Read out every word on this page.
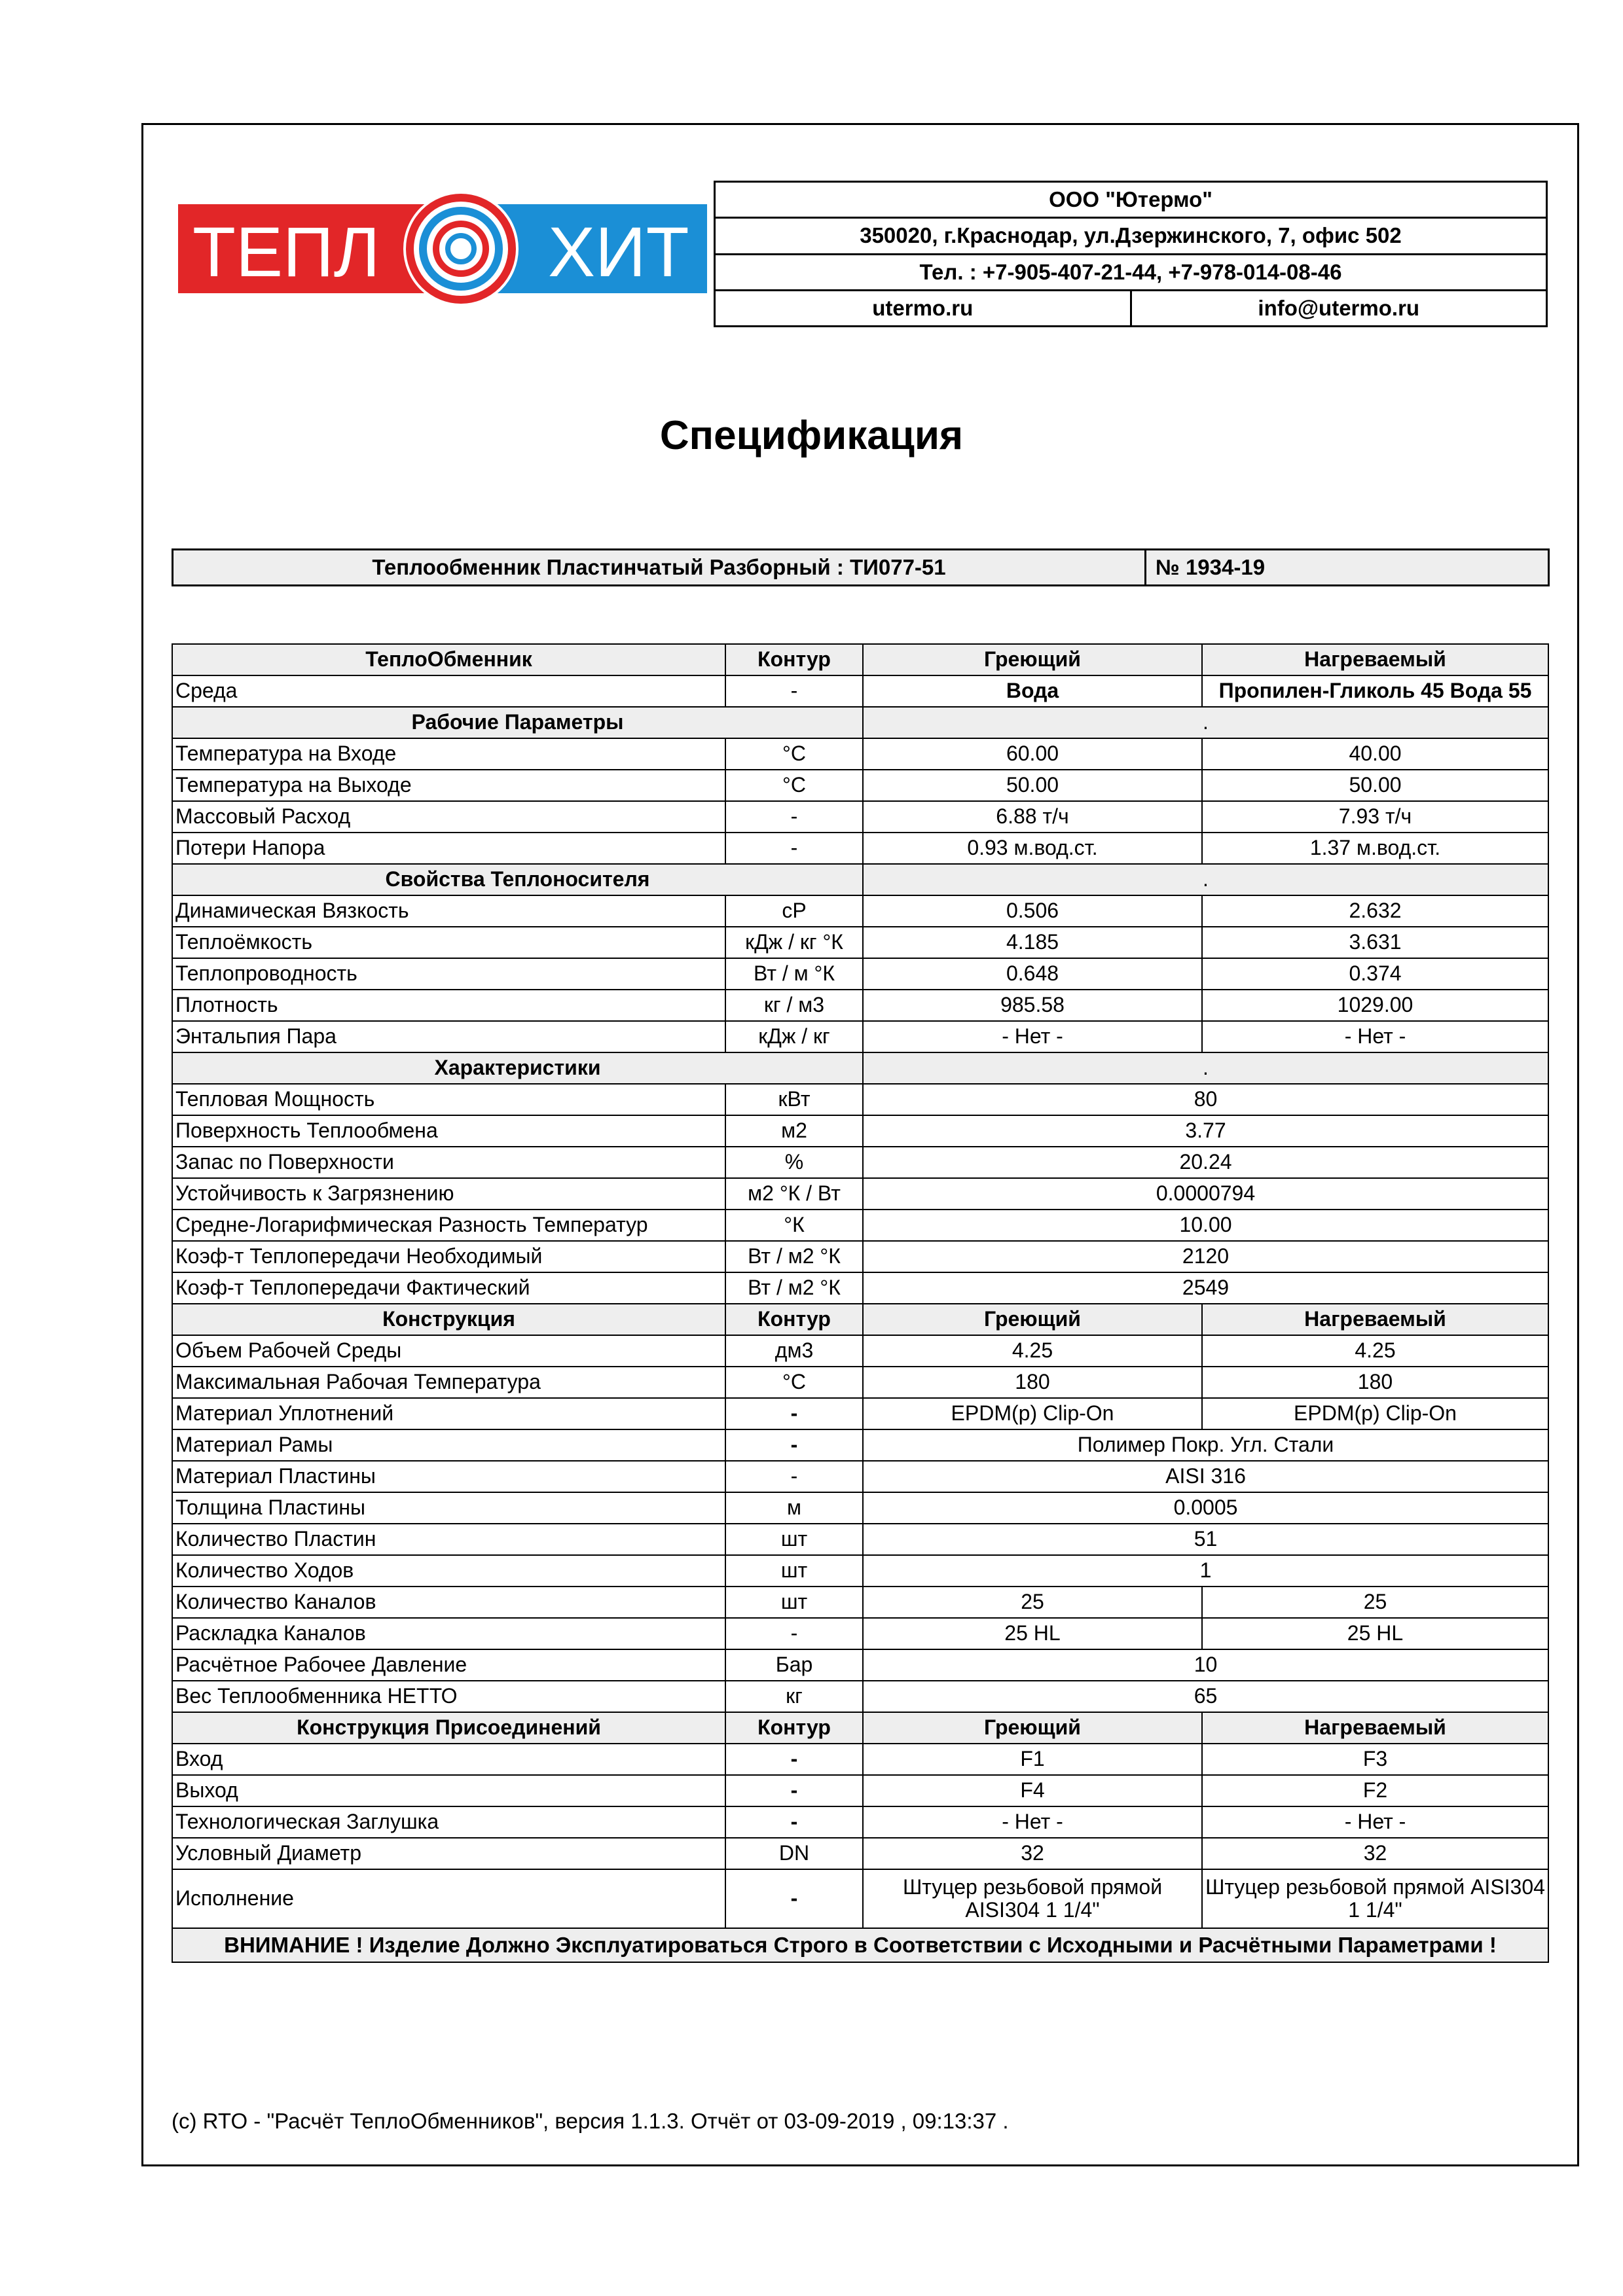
ТЕПЛ ХИТ
ООО "Ютермо"
350020, г.Краснодар, ул.Дзержинского, 7, офис 502
Тел. : +7-905-407-21-44, +7-978-014-08-46
utermo.ru	info@utermo.ru
Спецификация
Теплообменник Пластинчатый Разборный : ТИ077-51	№ 1934-19
ТеплоОбменник	Контур	Греющий	Нагреваемый
Среда	-	Вода	Пропилен-Гликоль 45 Вода 55
Рабочие Параметры		.	
Температура на Входе	°C	60.00	40.00
Температура на Выходе	°C	50.00	50.00
Массовый Расход	-	6.88 т/ч	7.93 т/ч
Потери Напора	-	0.93 м.вод.ст.	1.37 м.вод.ст.
Свойства Теплоносителя		.	
Динамическая Вязкость	cP	0.506	2.632
Теплоёмкость	кДж / кг °К	4.185	3.631
Теплопроводность	Вт / м °К	0.648	0.374
Плотность	кг / м3	985.58	1029.00
Энтальпия Пара	кДж / кг	- Нет -	- Нет -
Характеристики		.	
Тепловая Мощность	кВт	80	
Поверхность Теплообмена	м2	3.77	
Запас по Поверхности	%	20.24	
Устойчивость к Загрязнению	м2 °К / Вт	0.0000794	
Средне-Логарифмическая Разность Температур	°К	10.00	
Коэф-т Теплопередачи Необходимый	Вт / м2 °К	2120	
Коэф-т Теплопередачи Фактический	Вт / м2 °К	2549	
Конструкция	Контур	Греющий	Нагреваемый
Объем Рабочей Среды	дм3	4.25	4.25
Максимальная Рабочая Температура	°C	180	180
Материал Уплотнений	-	EPDM(p) Clip-On	EPDM(p) Clip-On
Материал Рамы	-	Полимер Покр. Угл. Стали	
Материал Пластины	-	AISI 316	
Толщина Пластины	м	0.0005	
Количество Пластин	шт	51	
Количество Ходов	шт	1	
Количество Каналов	шт	25	25
Раскладка Каналов	-	25 HL	25 HL
Расчётное Рабочее Давление	Бар	10	
Вес Теплообменника НЕТТО	кг	65	
Конструкция Присоединений	Контур	Греющий	Нагреваемый
Вход	-	F1	F3
Выход	-	F4	F2
Технологическая Заглушка	-	- Нет -	- Нет -
Условный Диаметр	DN	32	32
Исполнение	-	Штуцер резьбовой прямой AISI304 1 1/4"	Штуцер резьбовой прямой AISI304 1 1/4"
ВНИМАНИЕ ! Изделие Должно Эксплуатироваться Строго в Соответствии с Исходными и Расчётными Параметрами !			
(c) RTO - "Расчёт ТеплоОбменников", версия 1.1.3. Отчёт от 03-09-2019 , 09:13:37 .
